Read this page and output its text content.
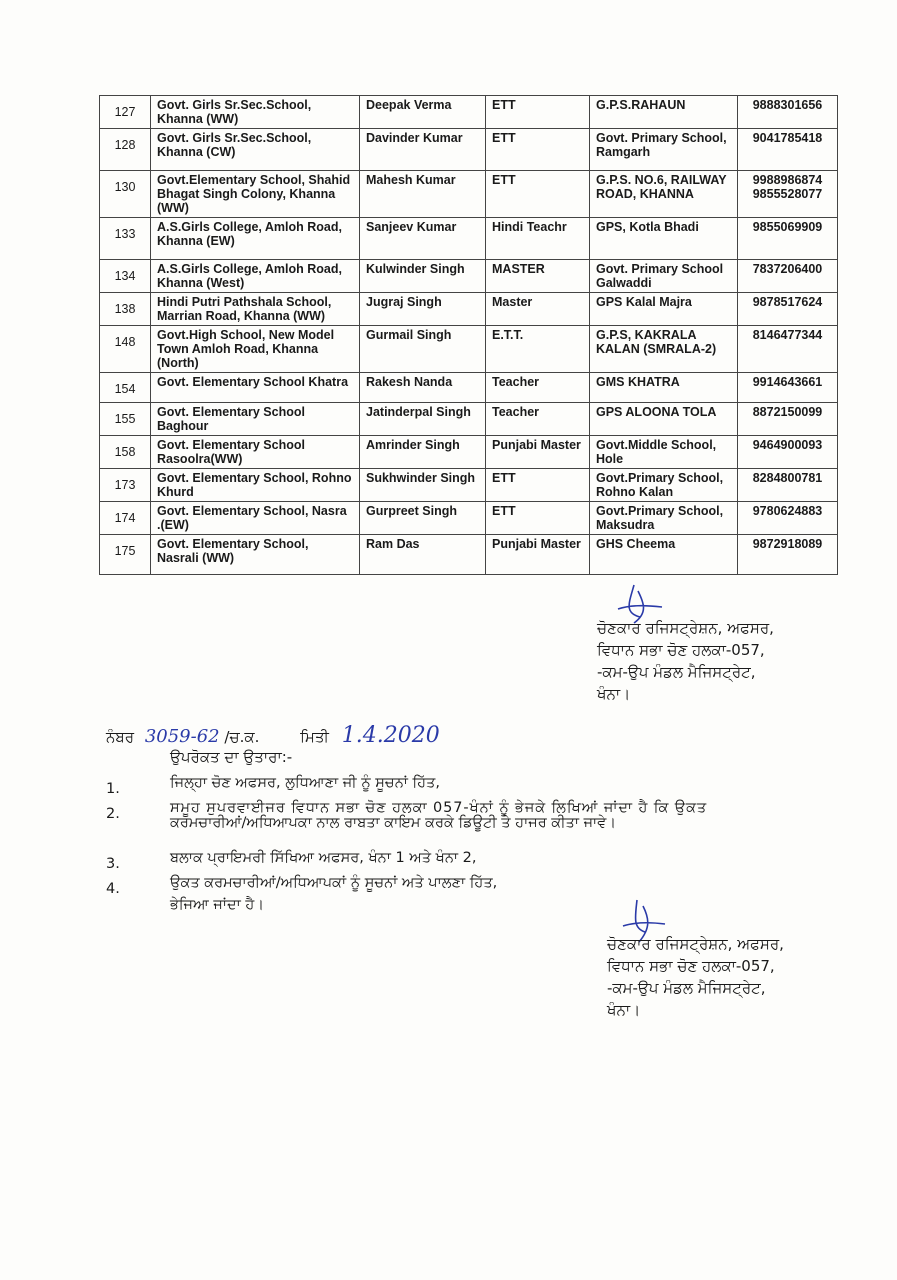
127	Govt. Girls Sr.Sec.School, Khanna (WW)	Deepak Verma	ETT	G.P.S.RAHAUN	9888301656
128	Govt. Girls Sr.Sec.School, Khanna (CW)	Davinder Kumar	ETT	Govt. Primary School, Ramgarh	9041785418
130	Govt.Elementary School, Shahid Bhagat Singh Colony, Khanna (WW)	Mahesh Kumar	ETT	G.P.S. NO.6, RAILWAY ROAD, KHANNA	9988986874 9855528077
133	A.S.Girls College, Amloh Road, Khanna (EW)	Sanjeev Kumar	Hindi Teachr	GPS, Kotla Bhadi	9855069909
134	A.S.Girls College, Amloh Road, Khanna (West)	Kulwinder Singh	MASTER	Govt. Primary School Galwaddi	7837206400
138	Hindi Putri Pathshala School, Marrian Road, Khanna (WW)	Jugraj Singh	Master	GPS Kalal Majra	9878517624
148	Govt.High School, New Model Town Amloh Road, Khanna (North)	Gurmail Singh	E.T.T.	G.P.S, KAKRALA KALAN (SMRALA-2)	8146477344
154	Govt. Elementary School Khatra	Rakesh Nanda	Teacher	GMS KHATRA	9914643661
155	Govt. Elementary School Baghour	Jatinderpal Singh	Teacher	GPS ALOONA TOLA	8872150099
158	Govt. Elementary School Rasoolra(WW)	Amrinder Singh	Punjabi Master	Govt.Middle School, Hole	9464900093
173	Govt. Elementary School, Rohno Khurd	Sukhwinder Singh	ETT	Govt.Primary School, Rohno Kalan	8284800781
174	Govt. Elementary School, Nasra .(EW)	Gurpreet Singh	ETT	Govt.Primary School, Maksudra	9780624883
175	Govt. Elementary School, Nasrali (WW)	Ram Das	Punjabi Master	GHS Cheema	9872918089
ਚੋਣਕਾਰ ਰਜਿਸਟ੍ਰੇਸ਼ਨ, ਅਫਸਰ,
ਵਿਧਾਨ ਸਭਾ ਚੋਣ ਹਲਕਾ-057,
-ਕਮ-ਉਪ ਮੰਡਲ ਮੈਜਿਸਟ੍ਰੇਟ,
ਖੰਨਾ।
ਨੰਬਰ 3059-62 /ਚ.ਕ.	ਮਿਤੀ 1.4.2020
ਉਪਰੋਕਤ ਦਾ ਉਤਾਰਾ:-
1.	ਜਿਲ੍ਹਾ ਚੋਣ ਅਫਸਰ, ਲੁਧਿਆਣਾ ਜੀ ਨੂੰ ਸੂਚਨਾਂ ਹਿੱਤ,
2.	ਸਮੂਹ ਸੁਪਰਵਾਈਜਰ ਵਿਧਾਨ ਸਭਾ ਚੋਣ ਹਲਕਾ 057-ਖੰਨਾਂ ਨੂੰ ਭੇਜਕੇ ਲਿਖਿਆਂ ਜਾਂਦਾ ਹੈ ਕਿ ਉਕਤ
ਕਰਮਚਾਰੀਆਂ/ਅਧਿਆਪਕਾ ਨਾਲ ਰਾਬਤਾ ਕਾਇਮ ਕਰਕੇ ਡਿਊਟੀ ਤੇ ਹਾਜਰ ਕੀਤਾ ਜਾਵੇ।
3.	ਬਲਾਕ ਪ੍ਰਾਇਮਰੀ ਸਿੱਖਿਆ ਅਫਸਰ, ਖੰਨਾ 1 ਅਤੇ ਖੰਨਾ 2,
4.	ਉਕਤ ਕਰਮਚਾਰੀਆਂ/ਅਧਿਆਪਕਾਂ ਨੂੰ ਸੂਚਨਾਂ ਅਤੇ ਪਾਲਣਾ ਹਿੱਤ,
ਭੇਜਿਆ ਜਾਂਦਾ ਹੈ।
ਚੋਣਕਾਰ ਰਜਿਸਟ੍ਰੇਸ਼ਨ, ਅਫਸਰ,
ਵਿਧਾਨ ਸਭਾ ਚੋਣ ਹਲਕਾ-057,
-ਕਮ-ਉਪ ਮੰਡਲ ਮੈਜਿਸਟ੍ਰੇਟ,
ਖੰਨਾ।
